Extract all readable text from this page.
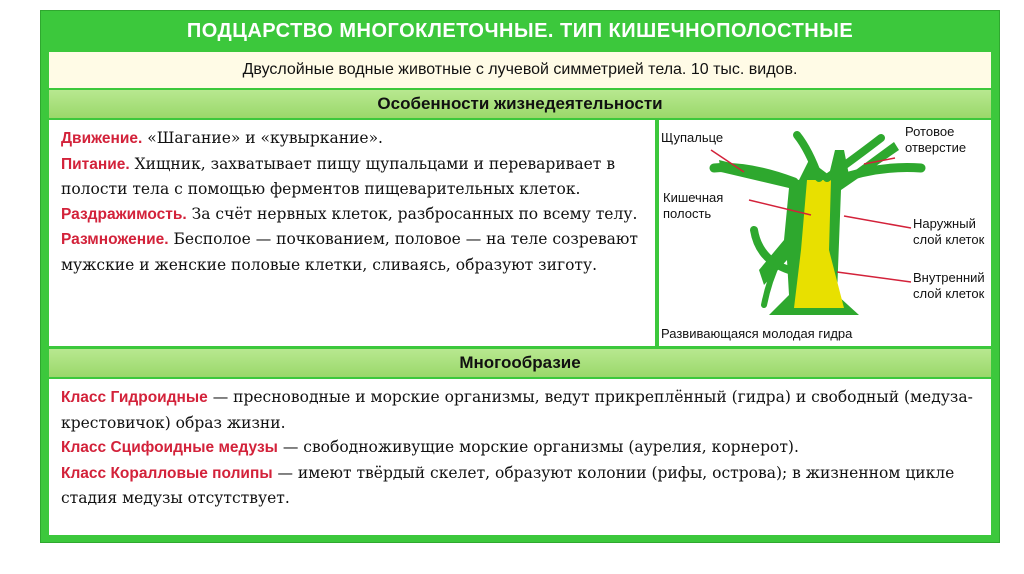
ПОДЦАРСТВО МНОГОКЛЕТОЧНЫЕ. ТИП КИШЕЧНОПОЛОСТНЫЕ
Двуслойные водные животные с лучевой симметрией тела. 10 тыс. видов.
Особенности жизнедеятельности

Движение. «Шагание» и «кувыркание».

Питание. Хищник, захватывает пищу щупальцами и переваривает в полости тела с помощью ферментов пищеварительных клеток.

Раздражимость. За счёт нервных клеток, разбросанных по всему телу.

Размножение. Бесполое — почкованием, половое — на теле созревают мужские и женские половые клетки, сливаясь, образуют зиготу.

Щупальце	Ротовое
отверстие
Кишечная
полость
Наружный
слой клеток
Внутренний
слой клеток
Развивающаяся молодая гидра
Многообразие

Класс Гидроидные — пресноводные и морские организмы, ведут прикреплённый (гидра) и свободный (медуза-крестовичок) образ жизни.

Класс Сцифоидные медузы — свободноживущие морские организмы (аурелия, корнерот).

Класс Коралловые полипы — имеют твёрдый скелет, образуют колонии (рифы, острова); в жизненном цикле стадия медузы отсутствует.
